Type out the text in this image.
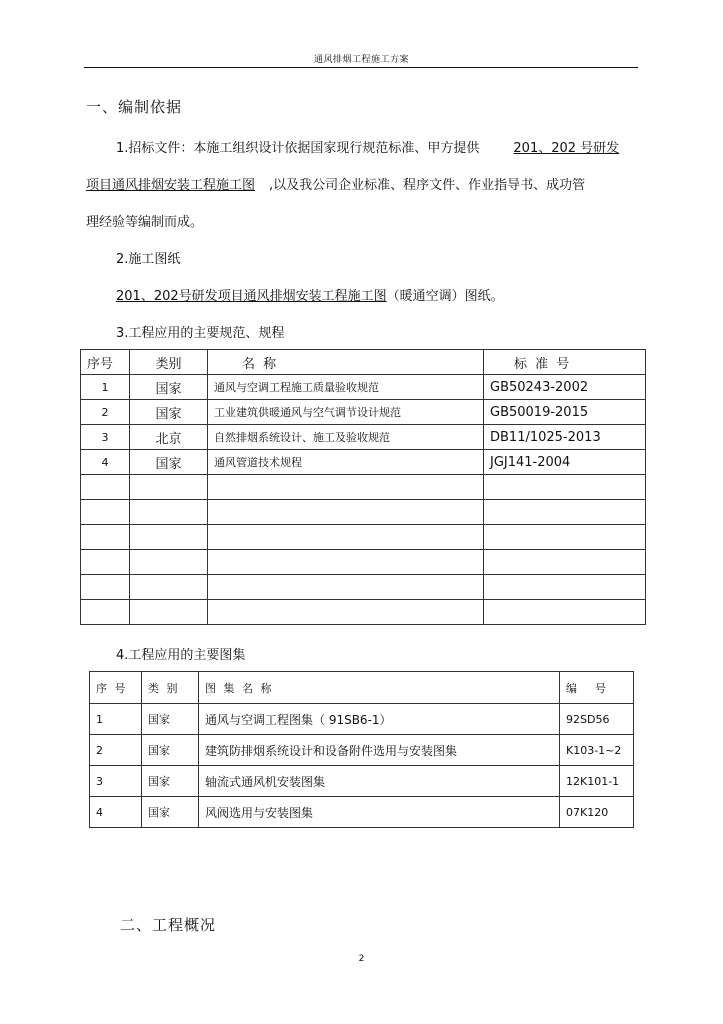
通风排烟工程施工方案
一、编制依据
1.招标文件：本施工组织设计依据国家现行规范标准、甲方提供	201、202 号研发
项目通风排烟安装工程施工图 ,以及我公司企业标准、程序文件、作业指导书、成功管
理经验等编制而成。
2.施工图纸
201、202号研发项目通风排烟安装工程施工图（暖通空调）图纸。
3.工程应用的主要规范、规程
序号	类别	名 称	标 准 号
1	国家	通风与空调工程施工质量验收规范	GB50243-2002
2	国家	工业建筑供暖通风与空气调节设计规范	GB50019-2015
3	北京	自然排烟系统设计、施工及验收规范	DB11/1025-2013
4	国家	通风管道技术规程	JGJ141-2004

4.工程应用的主要图集
序 号	类 别	图 集 名 称	编号
1	国家	通风与空调工程图集（ 91SB6-1）	92SD56
2	国家	建筑防排烟系统设计和设备附件选用与安装图集	K103-1~2
3	国家	轴流式通风机安装图集	12K101-1
4	国家	风阀选用与安装图集	07K120
二、工程概况
2
